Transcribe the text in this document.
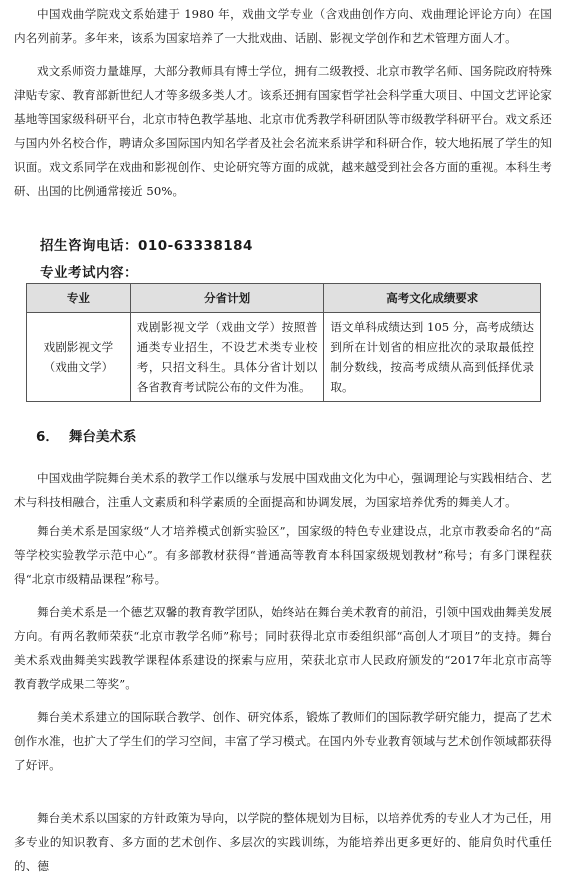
中国戏曲学院戏文系始建于 1980 年，戏曲文学专业（含戏曲创作方向、戏曲理论评论方向）在国内名列前茅。多年来，该系为国家培养了一大批戏曲、话剧、影视文学创作和艺术管理方面人才。

戏文系师资力量雄厚，大部分教师具有博士学位，拥有二级教授、北京市教学名师、国务院政府特殊津贴专家、教育部新世纪人才等多级多类人才。该系还拥有国家哲学社会科学重大项目、中国文艺评论家基地等国家级科研平台，北京市特色教学基地、北京市优秀教学科研团队等市级教学科研平台。戏文系还与国内外名校合作，聘请众多国际国内知名学者及社会名流来系讲学和科研合作，较大地拓展了学生的知识面。戏文系同学在戏曲和影视创作、史论研究等方面的成就，越来越受到社会各方面的重视。本科生考研、出国的比例通常接近 50%。

招生咨询电话：010-63338184
专业考试内容：
专业	分省计划	高考文化成绩要求

戏剧影视文学
（戏曲文学）	戏剧影视文学（戏曲文学）按照普通类专业招生，不设艺术类专业校考，只招文科生。具体分省计划以各省教育考试院公布的文件为准。	语文单科成绩达到 105 分，高考成绩达到所在计划省的相应批次的录取最低控制分数线，按高考成绩从高到低择优录取。
6． 舞台美术系

中国戏曲学院舞台美术系的教学工作以继承与发展中国戏曲文化为中心，强调理论与实践相结合、艺术与科技相融合，注重人文素质和科学素质的全面提高和协调发展，为国家培养优秀的舞美人才。

舞台美术系是国家级“人才培养模式创新实验区”，国家级的特色专业建设点，北京市教委命名的“高等学校实验教学示范中心”。有多部教材获得“普通高等教育本科国家级规划教材”称号；有多门课程获得“北京市级精品课程”称号。

舞台美术系是一个德艺双馨的教育教学团队，始终站在舞台美术教育的前沿，引领中国戏曲舞美发展方向。有两名教师荣获“北京市教学名师”称号；同时获得北京市委组织部“高创人才项目”的支持。舞台美术系戏曲舞美实践教学课程体系建设的探索与应用，荣获北京市人民政府颁发的“2017年北京市高等教育教学成果二等奖”。

舞台美术系建立的国际联合教学、创作、研究体系，锻炼了教师们的国际教学研究能力，提高了艺术创作水准，也扩大了学生们的学习空间，丰富了学习模式。在国内外专业教育领域与艺术创作领域都获得了好评。

舞台美术系以国家的方针政策为导向，以学院的整体规划为目标，以培养优秀的专业人才为己任，用多专业的知识教育、多方面的艺术创作、多层次的实践训练，为能培养出更多更好的、能肩负时代重任的、德
